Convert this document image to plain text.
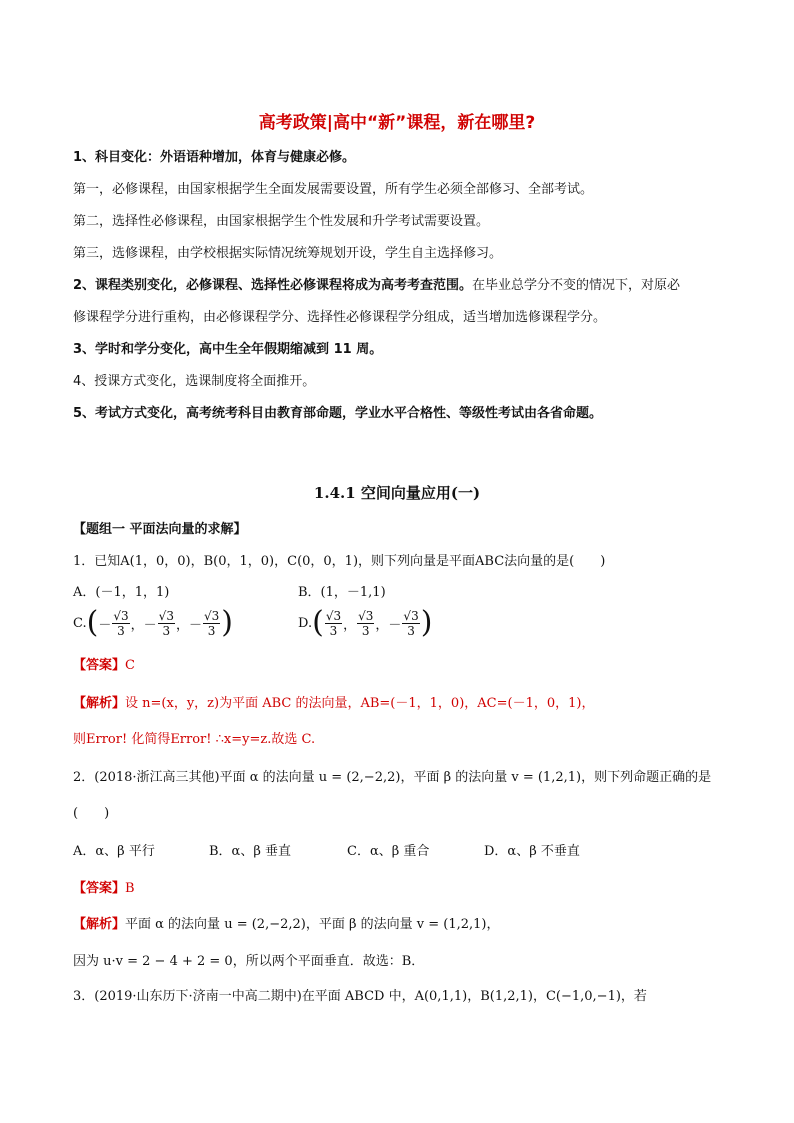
高考政策|高中“新”课程，新在哪里?
1、科目变化：外语语种增加，体育与健康必修。
第一，必修课程，由国家根据学生全面发展需要设置，所有学生必须全部修习、全部考试。
第二，选择性必修课程，由国家根据学生个性发展和升学考试需要设置。
第三，选修课程，由学校根据实际情况统筹规划开设，学生自主选择修习。
2、课程类别变化，必修课程、选择性必修课程将成为高考考查范围。在毕业总学分不变的情况下，对原必
修课程学分进行重构，由必修课程学分、选择性必修课程学分组成，适当增加选修课程学分。
3、学时和学分变化，高中生全年假期缩减到 11 周。
4、授课方式变化，选课制度将全面推开。
5、考试方式变化，高考统考科目由教育部命题，学业水平合格性、等级性考试由各省命题。
1.4.1 空间向量应用(一)
【题组一 平面法向量的求解】
1．已知A(1，0，0)，B(0，1，0)，C(0，0，1)，则下列向量是平面ABC法向量的是(　　)
A．(－1，1，1)	B．(1，－1,1)
C. ( － $\frac{√3}{3}$ ， － $\frac{√3}{3}$ ， － $\frac{√3}{3}$ )	D. ( $\frac{√3}{3}$ ， $\frac{√3}{3}$ ， － $\frac{√3}{3}$ )
【答案】C
【解析】设 n=(x，y，z)为平面 ABC 的法向量，AB=(－1，1，0)，AC=(－1，0，1)，
则Error! 化简得Error! ∴x=y=z.故选 C.
2．(2018·浙江高三其他)平面 α 的法向量 u = (2,−2,2)，平面 β 的法向量 v = (1,2,1)，则下列命题正确的是
(　　)
A．α、β 平行	B．α、β 垂直	C．α、β 重合	D．α、β 不垂直
【答案】B
【解析】平面 α 的法向量 u = (2,−2,2)，平面 β 的法向量 v = (1,2,1)，
因为 u·v = 2 − 4 + 2 = 0，所以两个平面垂直．故选：B．
3．(2019·山东历下·济南一中高二期中)在平面 ABCD 中，A(0,1,1)，B(1,2,1)，C(−1,0,−1)，若
